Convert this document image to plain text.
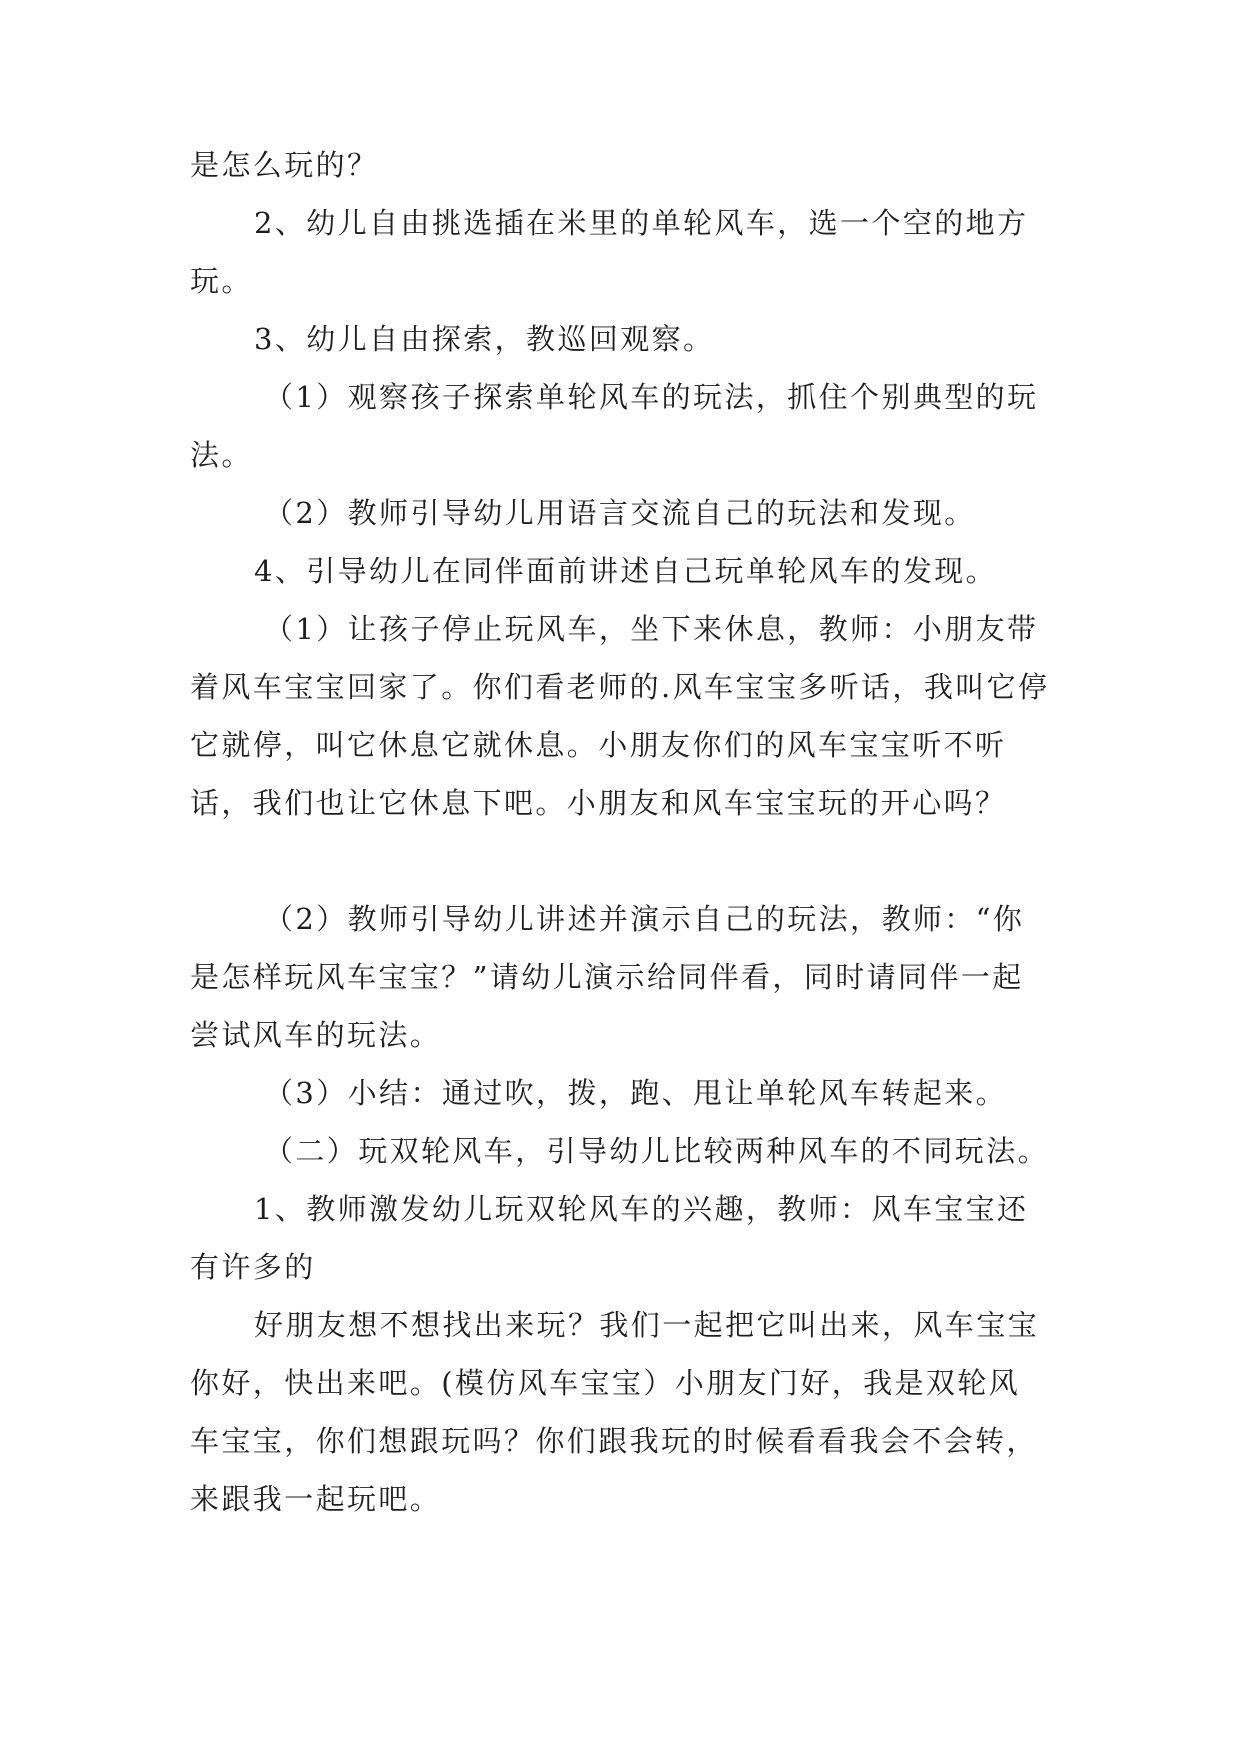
是怎么玩的？

2、幼儿自由挑选插在米里的单轮风车，选一个空的地方玩。

3、幼儿自由探索，教巡回观察。

（1）观察孩子探索单轮风车的玩法，抓住个别典型的玩法。

（2）教师引导幼儿用语言交流自己的玩法和发现。

4、引导幼儿在同伴面前讲述自己玩单轮风车的发现。

（1）让孩子停止玩风车，坐下来休息，教师：小朋友带着风车宝宝回家了。你们看老师的.风车宝宝多听话，我叫它停它就停，叫它休息它就休息。小朋友你们的风车宝宝听不听话，我们也让它休息下吧。小朋友和风车宝宝玩的开心吗？

（2）教师引导幼儿讲述并演示自己的玩法，教师：“你是怎样玩风车宝宝？”请幼儿演示给同伴看，同时请同伴一起尝试风车的玩法。

（3）小结：通过吹，拨，跑、甩让单轮风车转起来。

（二）玩双轮风车，引导幼儿比较两种风车的不同玩法。

1、教师激发幼儿玩双轮风车的兴趣，教师：风车宝宝还有许多的

好朋友想不想找出来玩？我们一起把它叫出来，风车宝宝你好，快出来吧。(模仿风车宝宝）小朋友门好，我是双轮风车宝宝，你们想跟玩吗？你们跟我玩的时候看看我会不会转，来跟我一起玩吧。
